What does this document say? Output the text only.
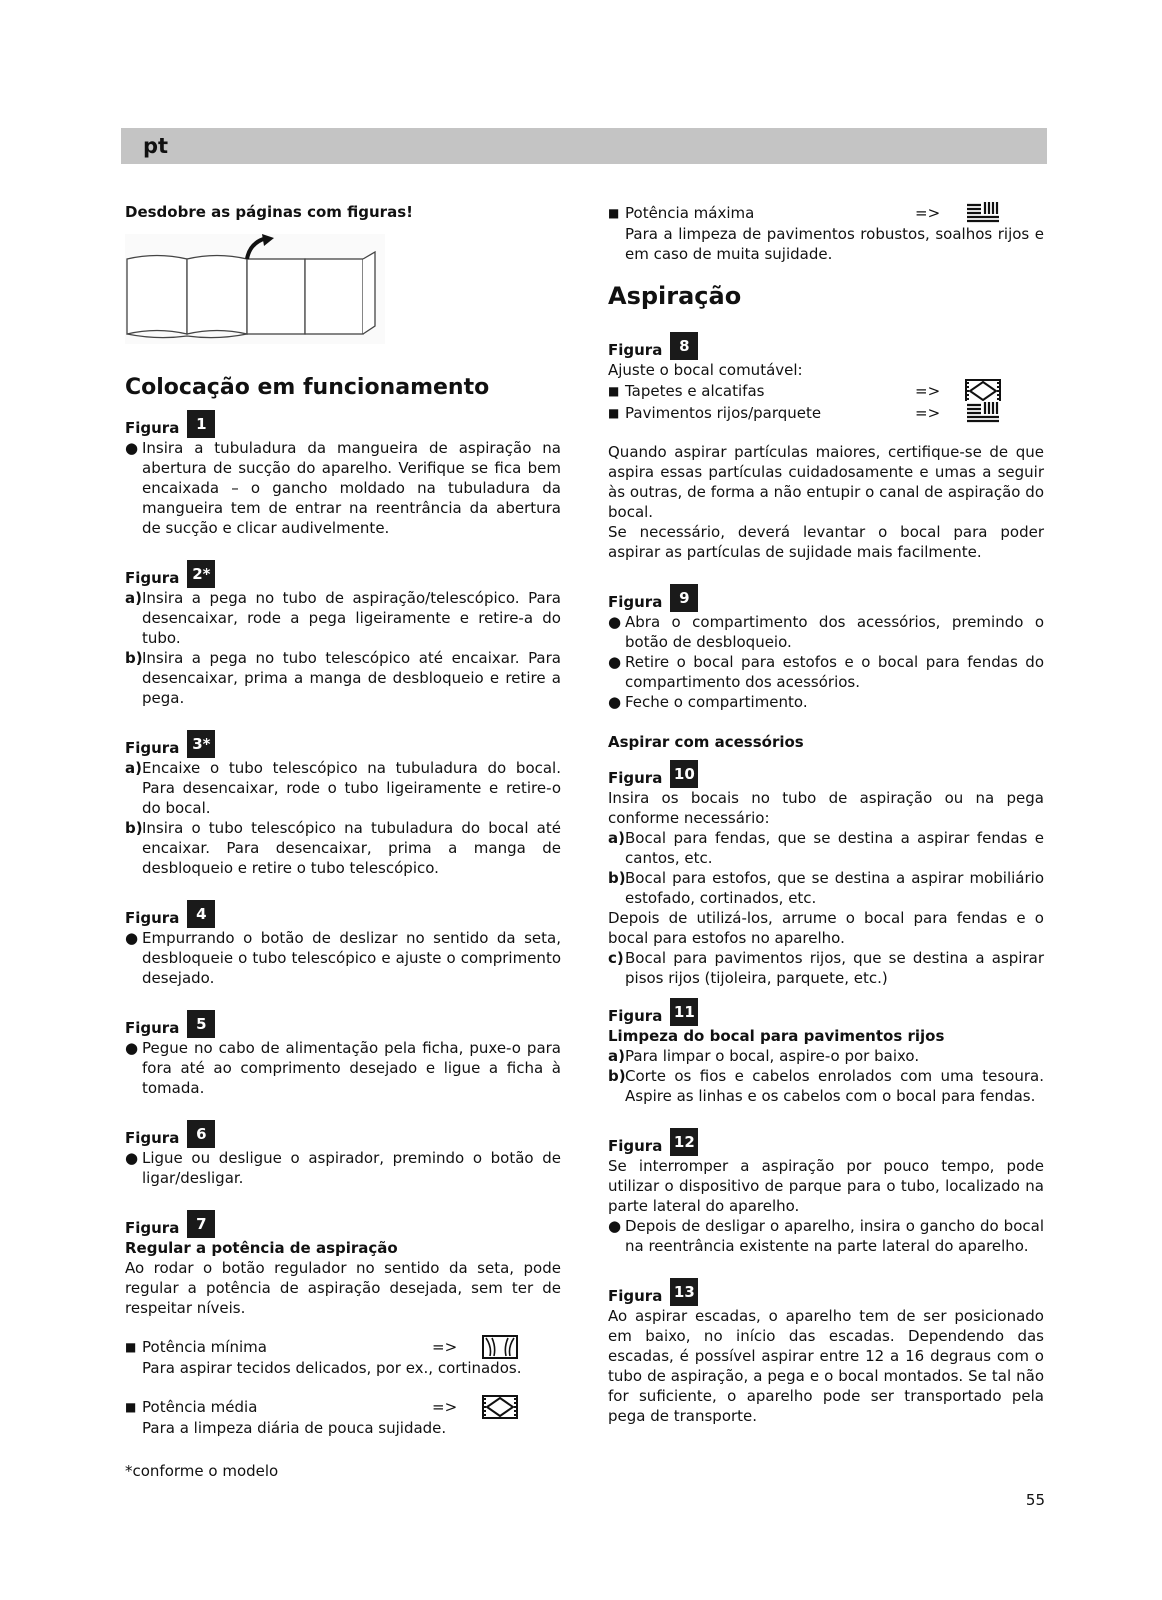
pt

Desdobre as páginas com figuras!

Colocação em funcionamento

Figura	1
● Insira a tubuladura da mangueira de aspiração na abertura de sucção do aparelho. Verifique se fica bem encaixada – o gancho moldado na tubuladura da mangueira tem de entrar na reentrância da abertura de sucção e clicar audivelmente.
Figura 2*
a) Insira a pega no tubo de aspiração/telescópico. Para desencaixar, rode a pega ligeiramente e retire-a do tubo.
b) Insira a pega no tubo telescópico até encaixar. Para desencaixar, prima a manga de desbloqueio e retire a pega.
Figura 3*
a) Encaixe o tubo telescópico na tubuladura do bocal. Para desencaixar, rode o tubo ligeiramente e retire-o do bocal.
b) Insira o tubo telescópico na tubuladura do bocal até encaixar. Para desencaixar, prima a manga de desbloqueio e retire o tubo telescópico.
Figura	4
● Empurrando o botão de deslizar no sentido da seta, desbloqueie o tubo telescópico e ajuste o comprimento desejado.
Figura	5
● Pegue no cabo de alimentação pela ficha, puxe-o para fora até ao comprimento desejado e ligue a ficha à tomada.
Figura	6
● Ligue ou desligue o aspirador, premindo o botão de ligar/desligar.
Figura	7

Regular a potência de aspiração

Ao rodar o botão regulador no sentido da seta, pode regular a potência de aspiração desejada, sem ter de respeitar níveis.

■ Potência mínima	=>

Para aspirar tecidos delicados, por ex., cortinados.

■ Potência média	=>

Para a limpeza diária de pouca sujidade.

■ Potência máxima	=>

Para a limpeza de pavimentos robustos, soalhos rijos e em caso de muita sujidade.

Aspiração

Figura	8

Ajuste o bocal comutável:

■ Tapetes e alcatifas	=>
■ Pavimentos rijos/parquete	=>

Quando aspirar partículas maiores, certifique-se de que aspira essas partículas cuidadosamente e umas a seguir às outras, de forma a não entupir o canal de aspiração do bocal.

Se necessário, deverá levantar o bocal para poder aspirar as partículas de sujidade mais facilmente.

Figura	9
● Abra o compartimento dos acessórios, premindo o botão de desbloqueio.
● Retire o bocal para estofos e o bocal para fendas do compartimento dos acessórios.
● Feche o compartimento.

Aspirar com acessórios

Figura 10

Insira os bocais no tubo de aspiração ou na pega conforme necessário:

a) Bocal para fendas, que se destina a aspirar fendas e cantos, etc.
b) Bocal para estofos, que se destina a aspirar mobiliário estofado, cortinados, etc.

Depois de utilizá-los, arrume o bocal para fendas e o bocal para estofos no aparelho.

c) Bocal para pavimentos rijos, que se destina a aspirar pisos rijos (tijoleira, parquete, etc.)
Figura 11

Limpeza do bocal para pavimentos rijos

a) Para limpar o bocal, aspire-o por baixo.
b) Corte os fios e cabelos enrolados com uma tesoura. Aspire as linhas e os cabelos com o bocal para fendas.
Figura 12

Se interromper a aspiração por pouco tempo, pode utilizar o dispositivo de parque para o tubo, localizado na parte lateral do aparelho.

● Depois de desligar o aparelho, insira o gancho do bocal na reentrância existente na parte lateral do aparelho.
Figura 13

Ao aspirar escadas, o aparelho tem de ser posicionado em baixo, no início das escadas. Dependendo das escadas, é possível aspirar entre 12 a 16 degraus com o tubo de aspiração, a pega e o bocal montados. Se tal não for suficiente, o aparelho pode ser transportado pela pega de transporte.

*conforme o modelo
55
